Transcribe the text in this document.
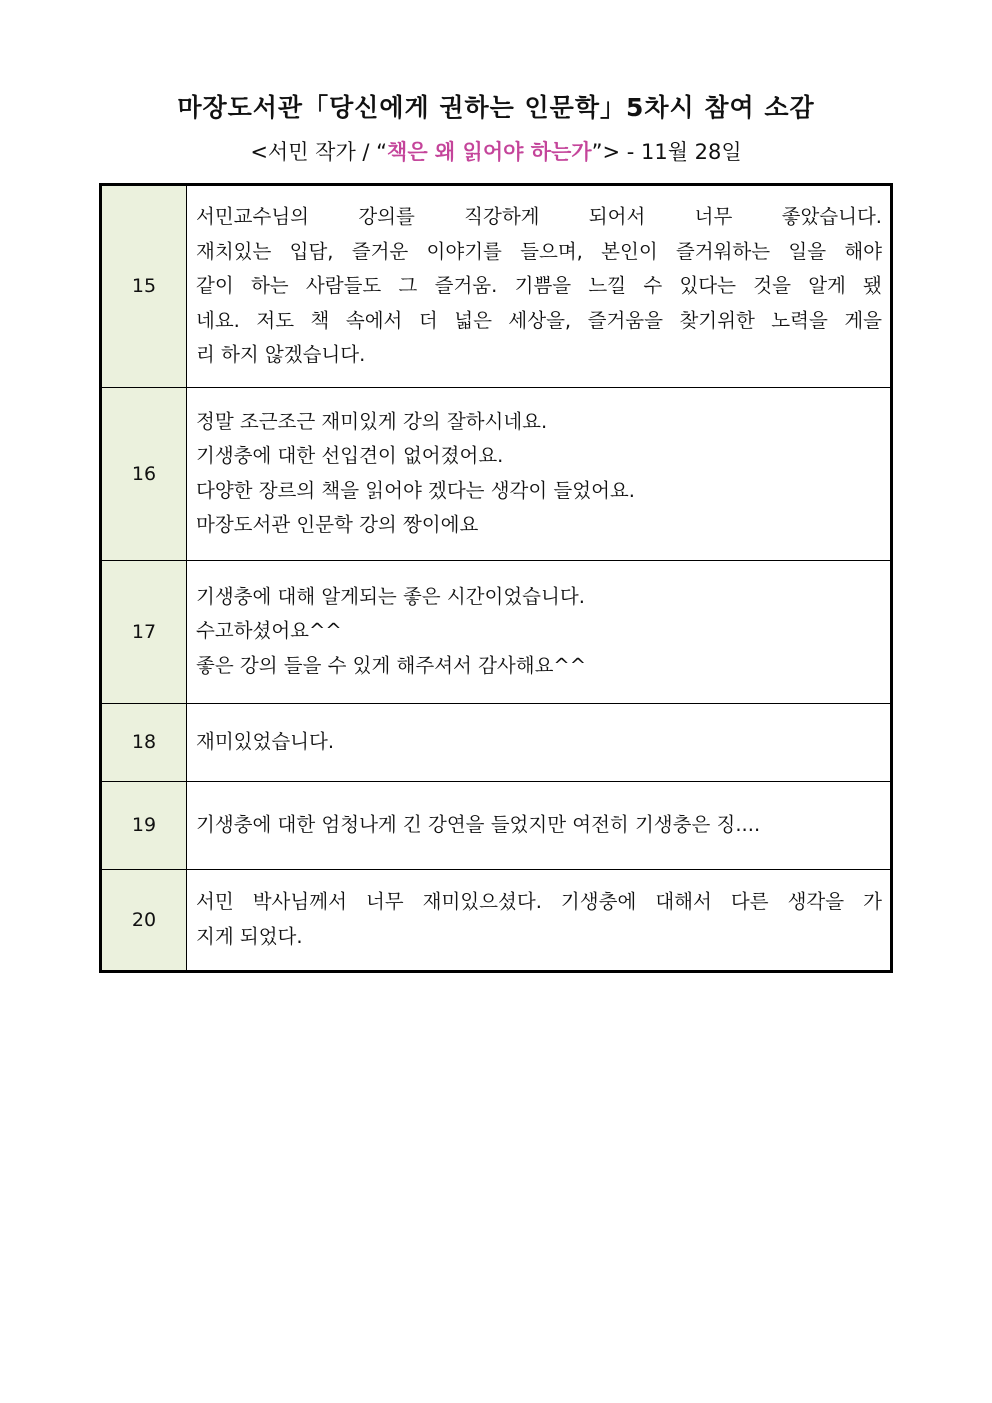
마장도서관「당신에게 권하는 인문학」5차시 참여 소감
<서민 작가 / “책은 왜 읽어야 하는가”> - 11월 28일
15	서민교수님의 강의를 직강하게 되어서 너무 좋았습니다.
재치있는 입담, 즐거운 이야기를 들으며, 본인이 즐거워하는 일을 해야
같이 하는 사람들도 그 즐거움. 기쁨을 느낄 수 있다는 것을 알게 됐
네요. 저도 책 속에서 더 넓은 세상을, 즐거움을 찾기위한 노력을 게을
리 하지 않겠습니다.

16	정말 조근조근 재미있게 강의 잘하시네요.
기생충에 대한 선입견이 없어졌어요.
다양한 장르의 책을 읽어야 겠다는 생각이 들었어요.
마장도서관 인문학 강의 짱이에요

17	기생충에 대해 알게되는 좋은 시간이었습니다.
수고하셨어요^^
좋은 강의 들을 수 있게 해주셔서 감사해요^^

18	재미있었습니다.

19	기생충에 대한 엄청나게 긴 강연을 들었지만 여전히 기생충은 징....

20	서민 박사님께서 너무 재미있으셨다. 기생충에 대해서 다른 생각을 가
지게 되었다.
